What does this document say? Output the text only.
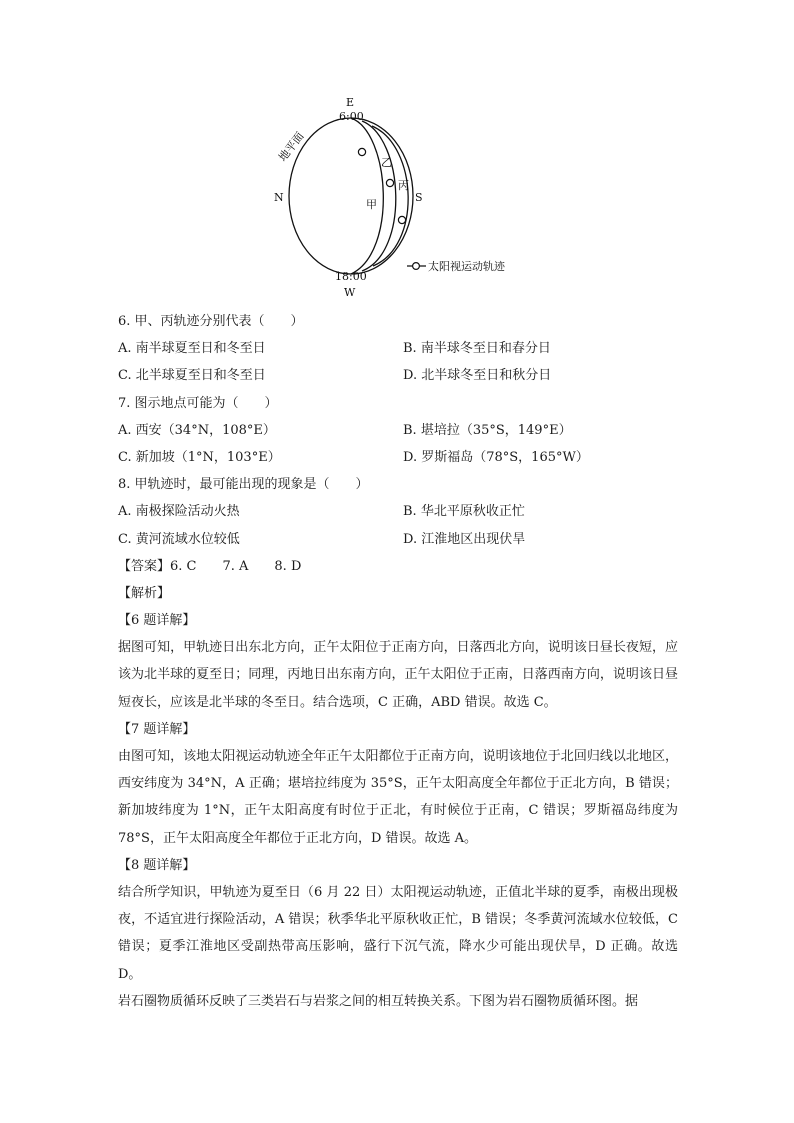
E
6:00
N	S
18:00
W
地平面
甲
乙
丙
太阳视运动轨迹
6. 甲、丙轨迹分别代表（　　）
A. 南半球夏至日和冬至日	B. 南半球冬至日和春分日
C. 北半球夏至日和冬至日	D. 北半球冬至日和秋分日
7. 图示地点可能为（　　）
A. 西安（34°N，108°E）	B. 堪培拉（35°S，149°E）
C. 新加坡（1°N，103°E）	D. 罗斯福岛（78°S，165°W）
8. 甲轨迹时，最可能出现的现象是（　　）
A. 南极探险活动火热	B. 华北平原秋收正忙
C. 黄河流域水位较低	D. 江淮地区出现伏旱
【答案】6. C　　7. A　　8. D
【解析】
【6 题详解】
据图可知，甲轨迹日出东北方向，正午太阳位于正南方向，日落西北方向，说明该日昼长夜短，应该为北半球的夏至日；同理，丙地日出东南方向，正午太阳位于正南，日落西南方向，说明该日昼短夜长，应该是北半球的冬至日。结合选项，C 正确，ABD 错误。故选 C。
【7 题详解】
由图可知，该地太阳视运动轨迹全年正午太阳都位于正南方向，说明该地位于北回归线以北地区，西安纬度为 34°N，A 正确；堪培拉纬度为 35°S，正午太阳高度全年都位于正北方向，B 错误；新加坡纬度为 1°N，正午太阳高度有时位于正北，有时候位于正南，C 错误；罗斯福岛纬度为 78°S，正午太阳高度全年都位于正北方向，D 错误。故选 A。
【8 题详解】
结合所学知识，甲轨迹为夏至日（6 月 22 日）太阳视运动轨迹，正值北半球的夏季，南极出现极夜，不适宜进行探险活动，A 错误；秋季华北平原秋收正忙，B 错误；冬季黄河流域水位较低，C 错误；夏季江淮地区受副热带高压影响，盛行下沉气流，降水少可能出现伏旱，D 正确。故选 D。
岩石圈物质循环反映了三类岩石与岩浆之间的相互转换关系。下图为岩石圈物质循环图。据
